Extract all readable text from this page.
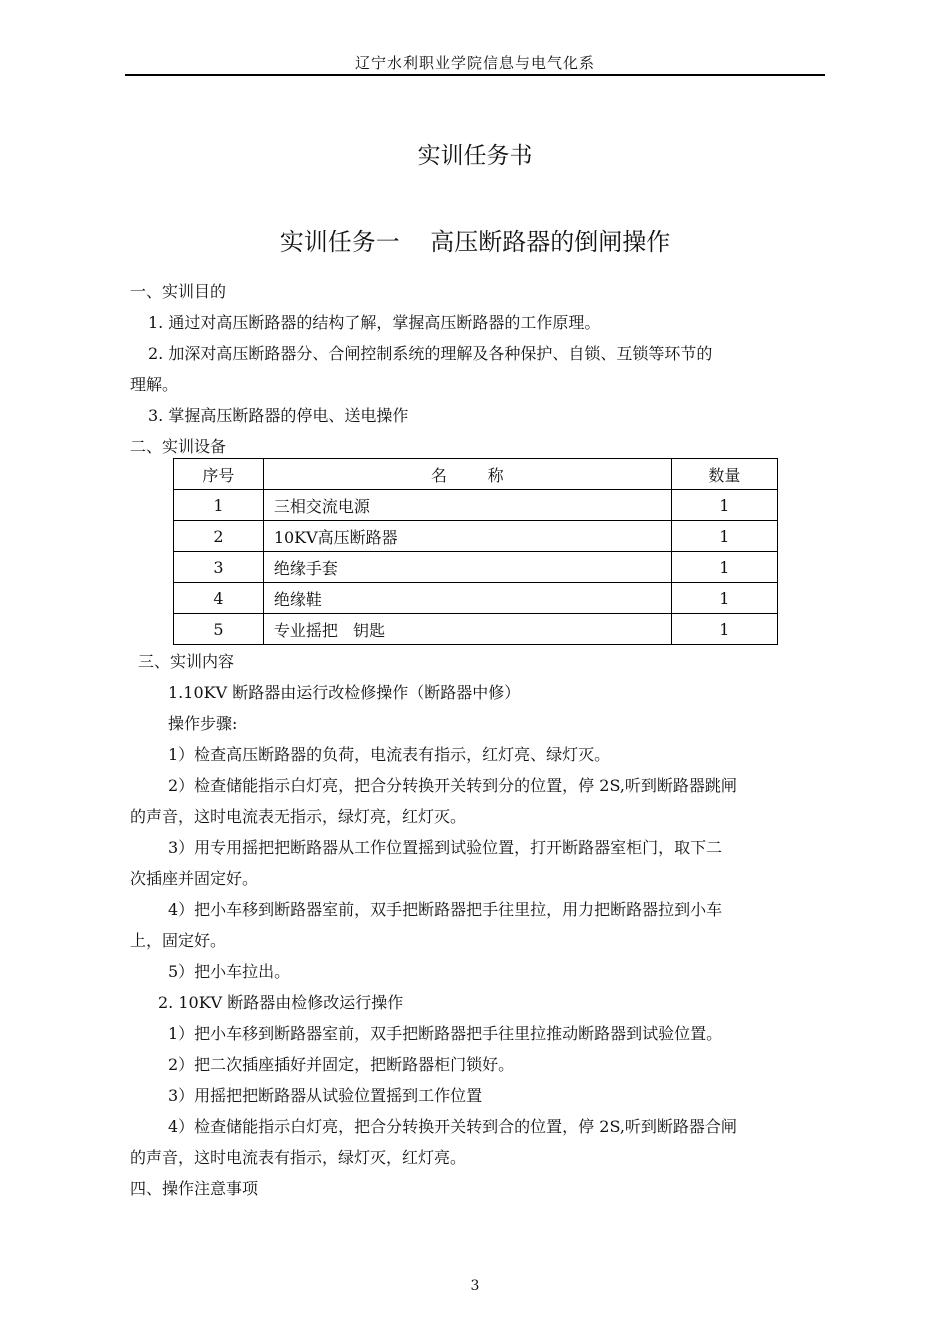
辽宁水利职业学院信息与电气化系
实训任务书
实训任务一    高压断路器的倒闸操作
一、实训目的
1. 通过对高压断路器的结构了解，掌握高压断路器的工作原理。
2. 加深对高压断路器分、合闸控制系统的理解及各种保护、自锁、互锁等环节的
理解。
3. 掌握高压断路器的停电、送电操作
二、实训设备
序号	名        称	数量
1	三相交流电源	1
2	10KV高压断路器	1
3	绝缘手套	1
4	绝缘鞋	1
5	专业摇把   钥匙	1
三、实训内容
1.10KV 断路器由运行改检修操作（断路器中修）
操作步骤:
1）检查高压断路器的负荷，电流表有指示，红灯亮、绿灯灭。
2）检查储能指示白灯亮，把合分转换开关转到分的位置，停 2S,听到断路器跳闸
的声音，这时电流表无指示，绿灯亮，红灯灭。
3）用专用摇把把断路器从工作位置摇到试验位置，打开断路器室柜门，取下二
次插座并固定好。
4）把小车移到断路器室前，双手把断路器把手往里拉，用力把断路器拉到小车
上，固定好。
5）把小车拉出。
2. 10KV 断路器由检修改运行操作
1）把小车移到断路器室前，双手把断路器把手往里拉推动断路器到试验位置。
2）把二次插座插好并固定，把断路器柜门锁好。
3）用摇把把断路器从试验位置摇到工作位置
4）检查储能指示白灯亮，把合分转换开关转到合的位置，停 2S,听到断路器合闸
的声音，这时电流表有指示，绿灯灭，红灯亮。
四、操作注意事项
3
